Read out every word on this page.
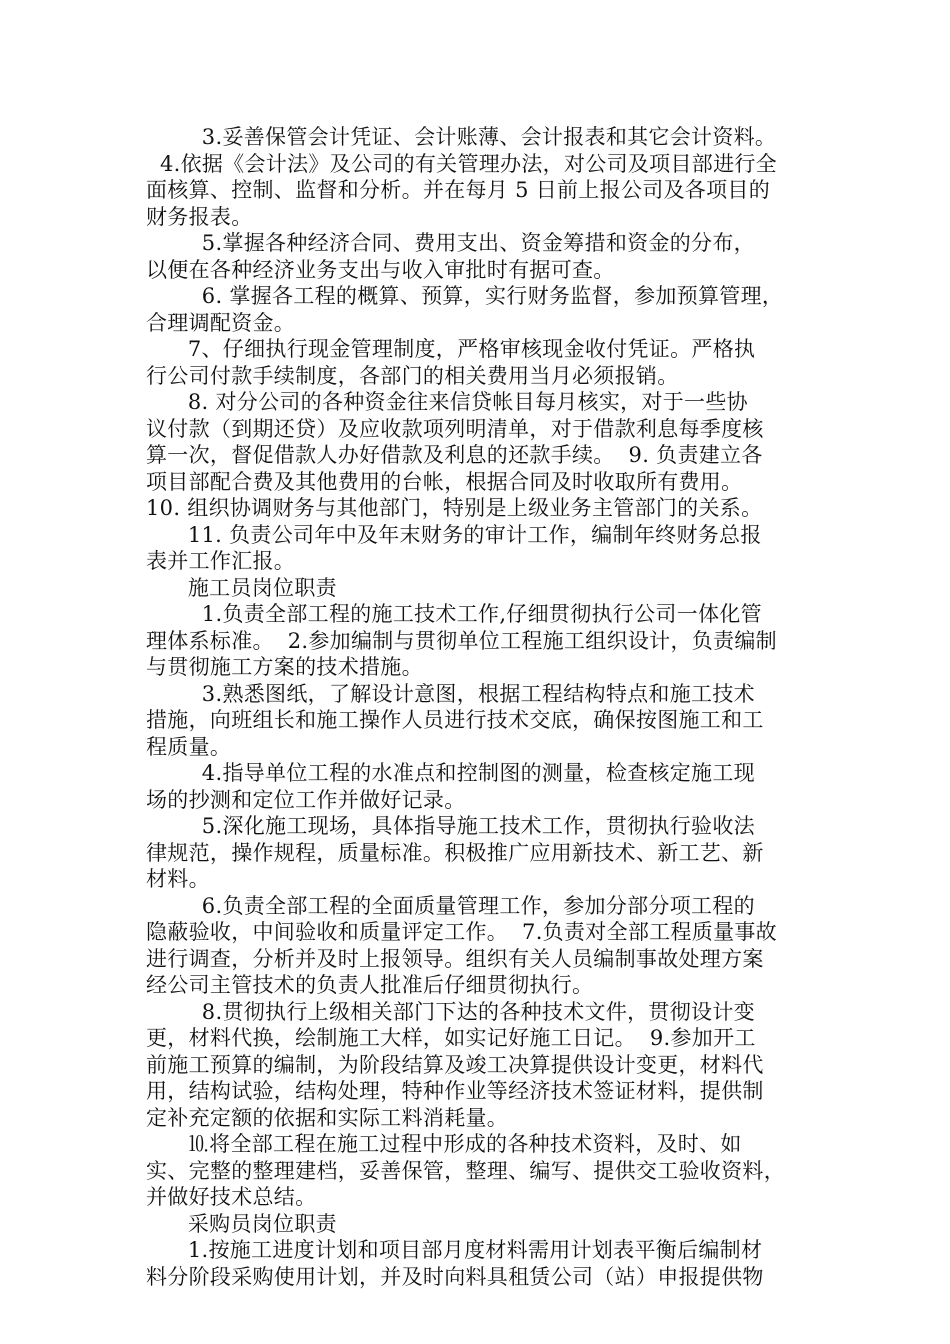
3.妥善保管会计凭证、会计账薄、会计报表和其它会计资料。
4.依据《会计法》及公司的有关管理办法，对公司及项目部进行全
面核算、控制、监督和分析。并在每月 5 日前上报公司及各项目的
财务报表。
5.掌握各种经济合同、费用支出、资金筹措和资金的分布，
以便在各种经济业务支出与收入审批时有据可查。
6. 掌握各工程的概算、预算，实行财务监督，参加预算管理，
合理调配资金。
7、仔细执行现金管理制度，严格审核现金收付凭证。严格执
行公司付款手续制度，各部门的相关费用当月必须报销。
8. 对分公司的各种资金往来信贷帐目每月核实，对于一些协
议付款（到期还贷）及应收款项列明清单，对于借款利息每季度核
算一次，督促借款人办好借款及利息的还款手续。  9. 负责建立各
项目部配合费及其他费用的台帐，根据合同及时收取所有费用。
10. 组织协调财务与其他部门，特别是上级业务主管部门的关系。
11. 负责公司年中及年末财务的审计工作，编制年终财务总报
表并工作汇报。
施工员岗位职责
1.负责全部工程的施工技术工作,仔细贯彻执行公司一体化管
理体系标准。  2.参加编制与贯彻单位工程施工组织设计，负责编制
与贯彻施工方案的技术措施。
3.熟悉图纸，了解设计意图，根据工程结构特点和施工技术
措施，向班组长和施工操作人员进行技术交底，确保按图施工和工
程质量。
4.指导单位工程的水准点和控制图的测量，检查核定施工现
场的抄测和定位工作并做好记录。
5.深化施工现场，具体指导施工技术工作，贯彻执行验收法
律规范，操作规程，质量标准。积极推广应用新技术、新工艺、新
材料。
6.负责全部工程的全面质量管理工作，参加分部分项工程的
隐蔽验收，中间验收和质量评定工作。  7.负责对全部工程质量事故
进行调查，分析并及时上报领导。组织有关人员编制事故处理方案
经公司主管技术的负责人批准后仔细贯彻执行。
8.贯彻执行上级相关部门下达的各种技术文件，贯彻设计变
更，材料代换，绘制施工大样，如实记好施工日记。  9.参加开工
前施工预算的编制，为阶段结算及竣工决算提供设计变更，材料代
用，结构试验，结构处理，特种作业等经济技术签证材料，提供制
定补充定额的依据和实际工料消耗量。
⒑将全部工程在施工过程中形成的各种技术资料，及时、如
实、完整的整理建档，妥善保管，整理、编写、提供交工验收资料，
并做好技术总结。
采购员岗位职责
1.按施工进度计划和项目部月度材料需用计划表平衡后编制材
料分阶段采购使用计划，并及时向料具租赁公司（站）申报提供物
